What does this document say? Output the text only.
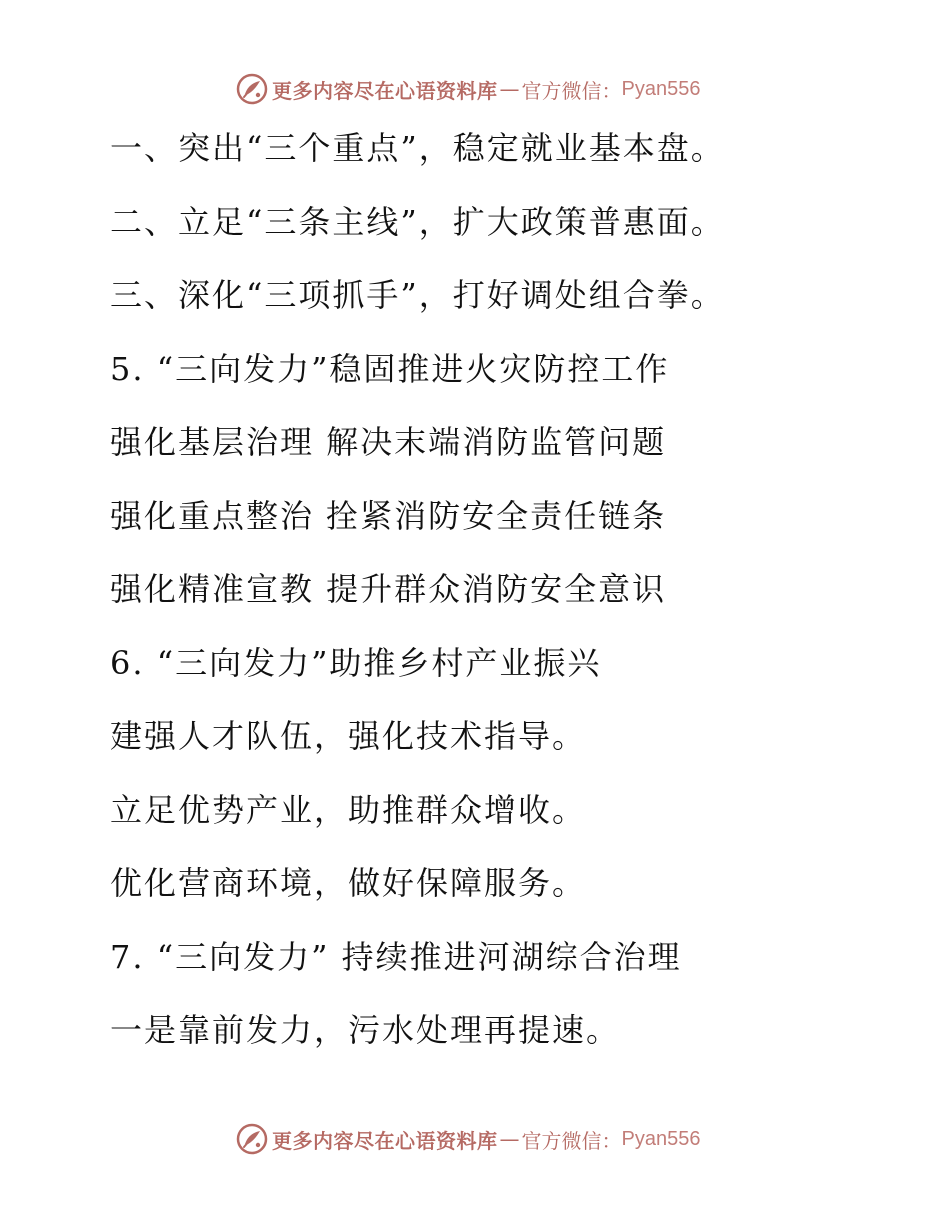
更多内容尽在心语资料库 — 官方微信： Pyan556
一、突出“三个重点”，稳定就业基本盘。
二、立足“三条主线”，扩大政策普惠面。
三、深化“三项抓手”，打好调处组合拳。
5. “三向发力”稳固推进火灾防控工作
强化基层治理 解决末端消防监管问题
强化重点整治 拴紧消防安全责任链条
强化精准宣教 提升群众消防安全意识
6. “三向发力”助推乡村产业振兴
建强人才队伍，强化技术指导。
立足优势产业，助推群众增收。
优化营商环境，做好保障服务。
7. “三向发力” 持续推进河湖综合治理
一是靠前发力，污水处理再提速。
更多内容尽在心语资料库 — 官方微信： Pyan556
